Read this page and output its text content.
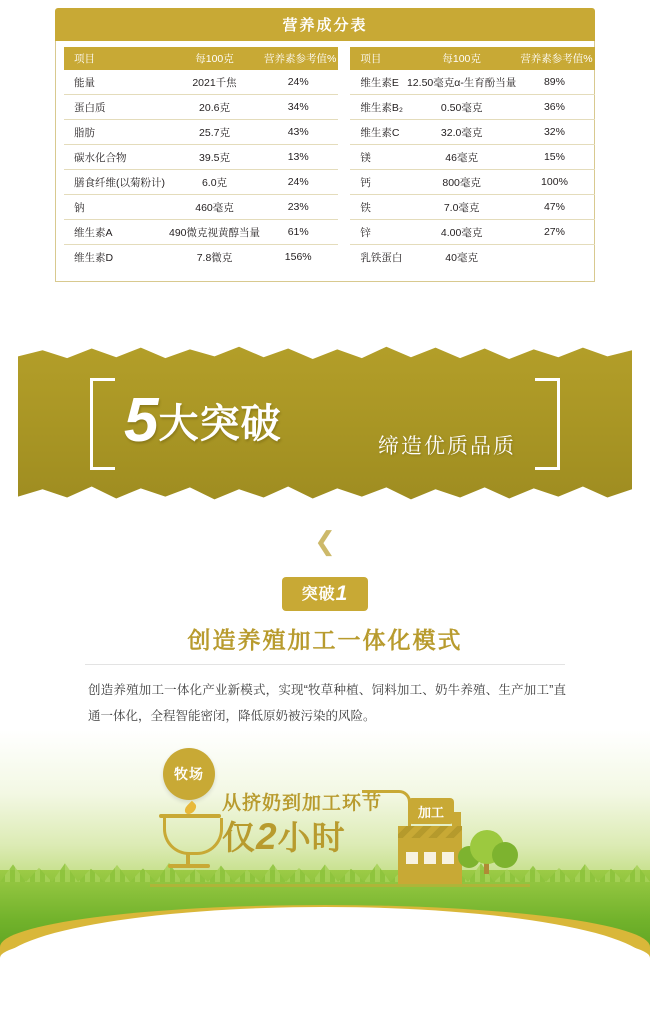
营养成分表
项目	每100克	营养素参考值%
能量	2021千焦	24%
蛋白质	20.6克	34%
脂肪	25.7克	43%
碳水化合物	39.5克	13%
膳食纤维(以菊粉计)	6.0克	24%
钠	460毫克	23%
维生素A	490微克视黄醇当量	61%
维生素D	7.8微克	156%
项目	每100克	营养素参考值%
维生素E	12.50毫克α-生育酚当量	89%
维生素B₂	0.50毫克	36%
维生素C	32.0毫克	32%
镁	46毫克	15%
钙	800毫克	100%
铁	7.0毫克	47%
锌	4.00毫克	27%
乳铁蛋白	40毫克	
5 大突破	缔造优质品质
❮
突破1
创造养殖加工一体化模式
创造养殖加工一体化产业新模式，实现“牧草种植、饲料加工、奶牛养殖、生产加工”直通一体化，全程智能密闭，降低原奶被污染的风险。
牧场
从挤奶到加工环节
仅2小时
加工
